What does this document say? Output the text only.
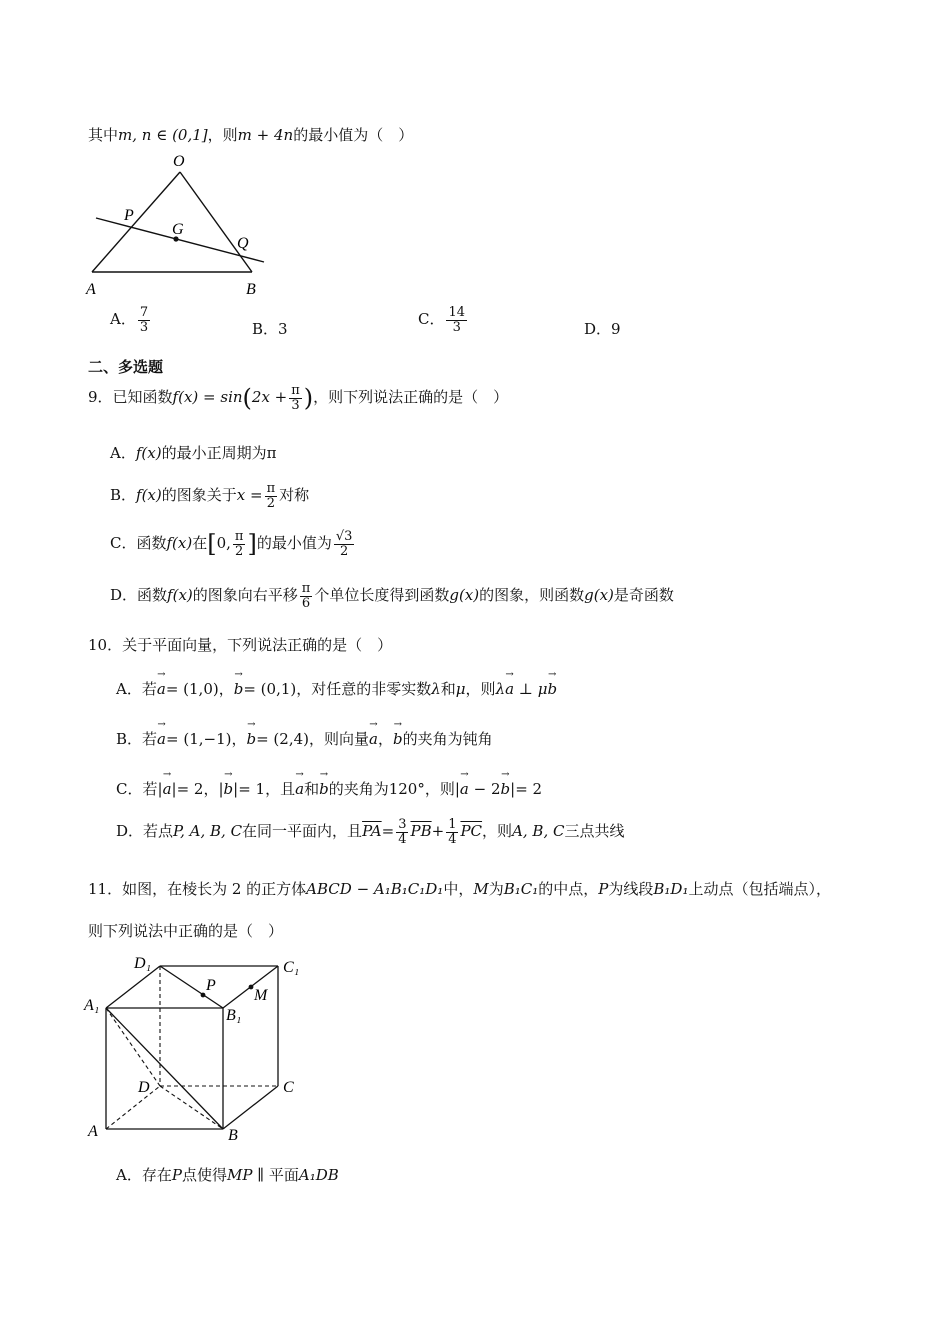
其中m, n ∈ (0,1]，则m + 4n的最小值为（　）
O
P
G
Q
A	B
A． $\frac{7}{3}$	B．3
C． $\frac{14}{3}$	D．9
二、多选题
9．已知函数$f(x) = \sin(2x + \frac{\pi}{3}$ )，则下列说法正确的是（　）
A．f(x)的最小正周期为π
B．f(x)的图象关于$x = \frac{\pi}{2}$ 对称
C．函数f(x)在[0, $\frac{\pi}{2}$ ]的最小值为 $\frac{√3}{2}$
D．函数f(x)的图象向右平移 $\frac{\pi}{6}$ 个单位长度得到函数g(x)的图象，则函数g(x)是奇函数
10．关于平面向量，下列说法正确的是（　）
A．若→ a= (1,0)，→ b= (0,1)，对任意的非零实数λ和μ，则λ→ a ⊥ μ→ b
B．若→ a= (1,−1)，→ b= (2,4)，则向量→ a，→ b的夹角为钝角
C．若|→ a|= 2，|→ b|= 1，且→ a和→ b的夹角为120°，则|→ a − 2→ b|= 2
D．若点P, A, B, C在同一平面内，且$\overline{PA}= \frac{3}{4} \overline{PB}+ \frac{1}{4} \overline{PC}$，则A, B, C三点共线
11．如图，在棱长为 2 的正方体ABCD − A₁B₁C₁D₁中，M为B₁C₁的中点，P为线段B₁D₁上动点（包括端点），
则下列说法中正确的是（　）
D₁	C₁
P
M
A₁
B₁
D	C
A	B
A．存在P点使得MP ∥ 平面A₁DB
